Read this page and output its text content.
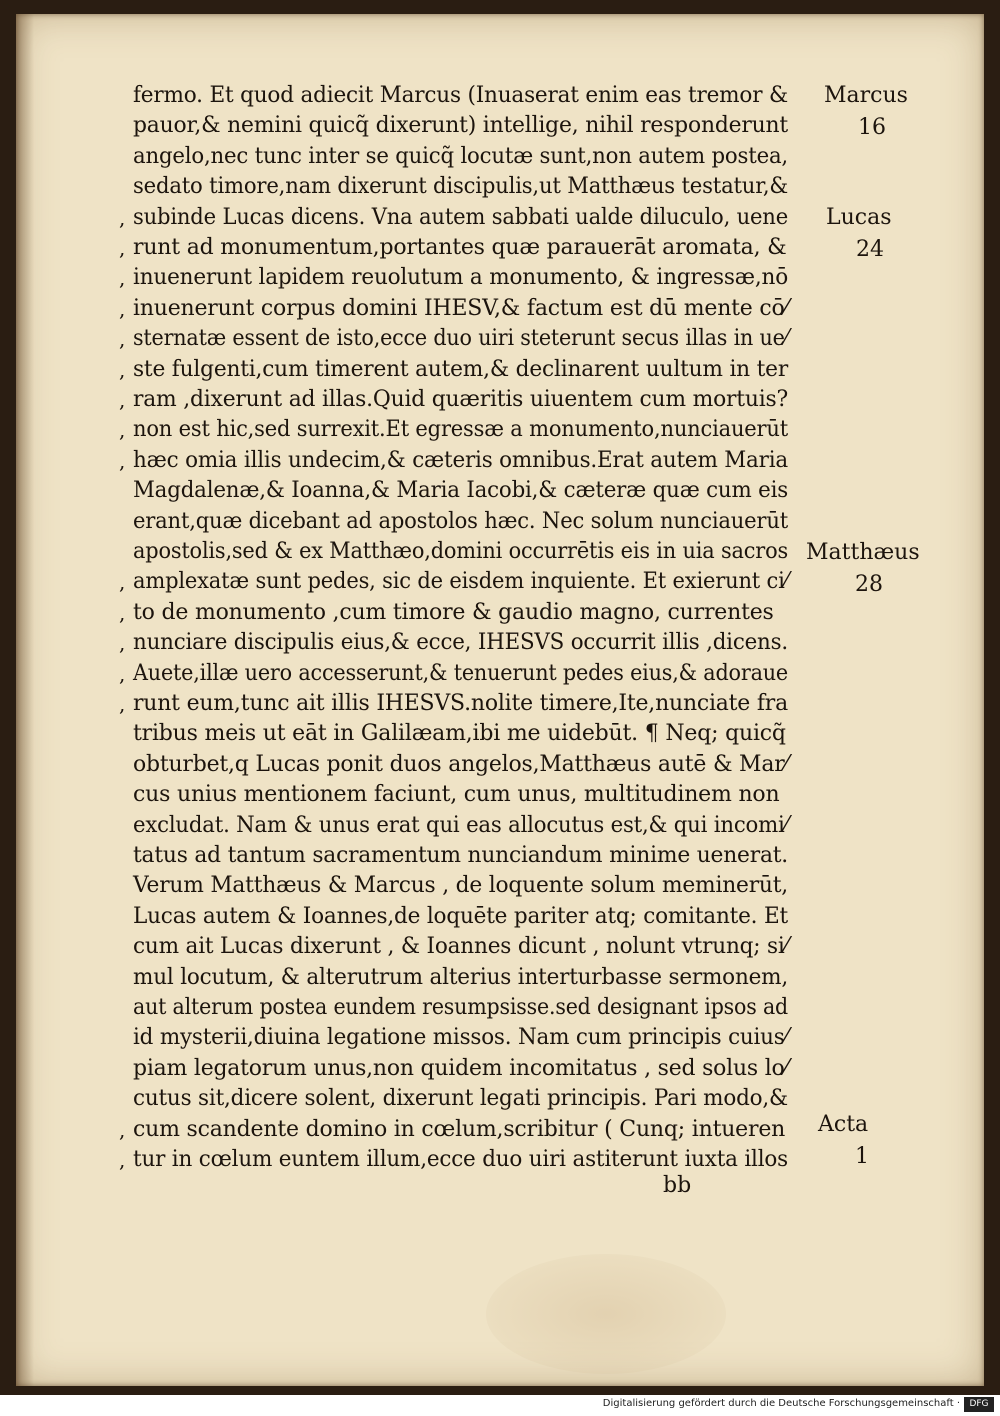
fermo. Et quod adiecit Marcus (Inuaserat enim eas tremor &
pauor,& nemini quicq̃ dixerunt) intellige, nihil responderunt
angelo,nec tunc inter se quicq̃ locutæ sunt,non autem postea,
sedato timore,nam dixerunt discipulis,ut Matthæus testatur,&
, subinde Lucas dicens. Vna autem sabbati ualde diluculo, uene
, runt ad monumentum,portantes quæ parauerāt aromata, &
, inuenerunt lapidem reuolutum a monumento, & ingressæ,nō
, inuenerunt corpus domini IHESV,& factum est dū mente cō⁄
, sternatæ essent de isto,ecce duo uiri steterunt secus illas in ue⁄
, ste fulgenti,cum timerent autem,& declinarent uultum in ter
, ram ,dixerunt ad illas.Quid quæritis uiuentem cum mortuis?
, non est hic,sed surrexit.Et egressæ a monumento,nunciauerūt
, hæc omia illis undecim,& cæteris omnibus.Erat autem Maria
Magdalenæ,& Ioanna,& Maria Iacobi,& cæteræ quæ cum eis
erant,quæ dicebant ad apostolos hæc. Nec solum nunciauerūt
apostolis,sed & ex Matthæo,domini occurrētis eis in uia sacros
, amplexatæ sunt pedes, sic de eisdem inquiente. Et exierunt ci⁄
, to de monumento ,cum timore & gaudio magno, currentes
, nunciare discipulis eius,& ecce, IHESVS occurrit illis ,dicens.
, Auete,illæ uero accesserunt,& tenuerunt pedes eius,& adoraue
, runt eum,tunc ait illis IHESVS.nolite timere,Ite,nunciate fra
tribus meis ut eāt in Galilæam,ibi me uidebūt. ¶ Neq; quicq̃
obturbet,q Lucas ponit duos angelos,Matthæus autē & Mar⁄
cus unius mentionem faciunt, cum unus, multitudinem non
excludat. Nam & unus erat qui eas allocutus est,& qui incomi⁄
tatus ad tantum sacramentum nunciandum minime uenerat.
Verum Matthæus & Marcus , de loquente solum meminerūt,
Lucas autem & Ioannes,de loquēte pariter atq; comitante. Et
cum ait Lucas dixerunt , & Ioannes dicunt , nolunt vtrunq; si⁄
mul locutum, & alterutrum alterius interturbasse sermonem,
aut alterum postea eundem resumpsisse.sed designant ipsos ad
id mysterii,diuina legatione missos. Nam cum principis cuius⁄
piam legatorum unus,non quidem incomitatus , sed solus lo⁄
cutus sit,dicere solent, dixerunt legati principis. Pari modo,&
, cum scandente domino in cœlum,scribitur ( Cunq; intueren
, tur in cœlum euntem illum,ecce duo uiri astiterunt iuxta illos
Marcus
16
Lucas
24
Matthæus
28
Acta
1
bb
Digitalisierung gefördert durch die Deutsche Forschungsgemeinschaft ·	DFG
